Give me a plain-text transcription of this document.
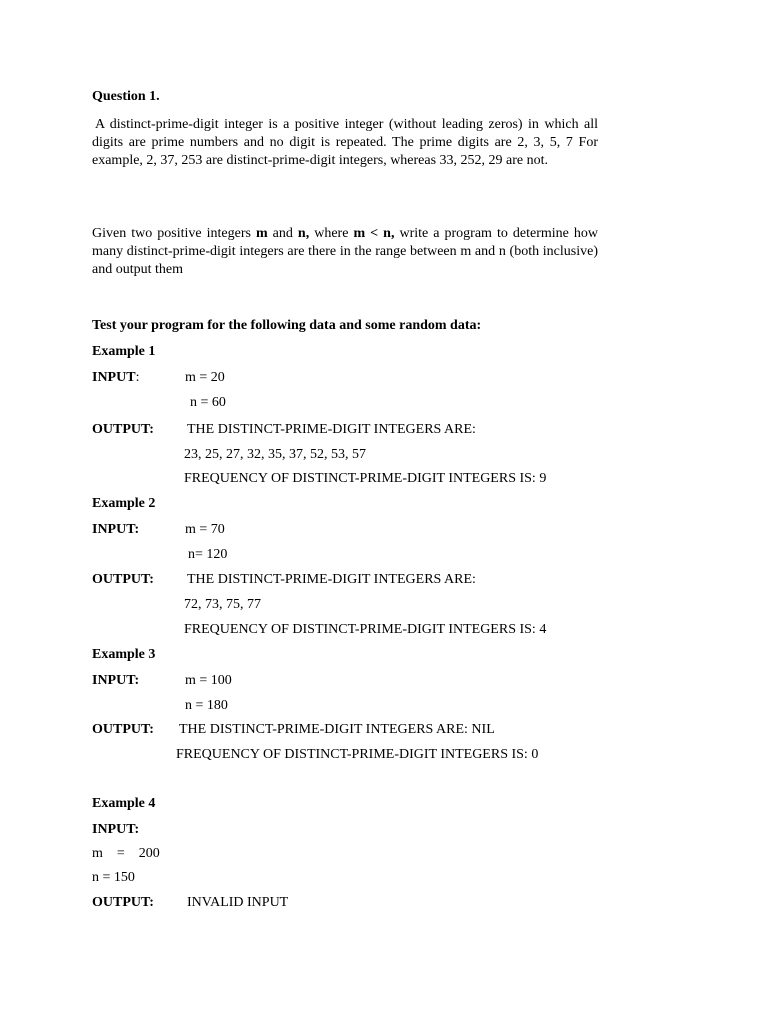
Question 1.
A distinct-prime-digit integer is a positive integer (without leading zeros) in which all digits are prime numbers and no digit is repeated. The prime digits are 2, 3, 5, 7 For example, 2, 37, 253 are distinct-prime-digit integers, whereas 33, 252, 29 are not.
Given two positive integers m and n, where m < n, write a program to determine how many distinct-prime-digit integers are there in the range between m and n (both inclusive) and output them
Test your program for the following data and some random data:
Example 1
INPUT:	m = 20
n = 60
OUTPUT: THE DISTINCT-PRIME-DIGIT INTEGERS ARE:
23, 25, 27, 32, 35, 37, 52, 53, 57
FREQUENCY OF DISTINCT-PRIME-DIGIT INTEGERS IS: 9
Example 2
INPUT:	m = 70
n= 120
OUTPUT: THE DISTINCT-PRIME-DIGIT INTEGERS ARE:
72, 73, 75, 77
FREQUENCY OF DISTINCT-PRIME-DIGIT INTEGERS IS: 4
Example 3
INPUT:	m = 100
n = 180
OUTPUT: THE DISTINCT-PRIME-DIGIT INTEGERS ARE: NIL
FREQUENCY OF DISTINCT-PRIME-DIGIT INTEGERS IS: 0
Example 4
INPUT:
m    =    200
n = 150
OUTPUT: INVALID INPUT
